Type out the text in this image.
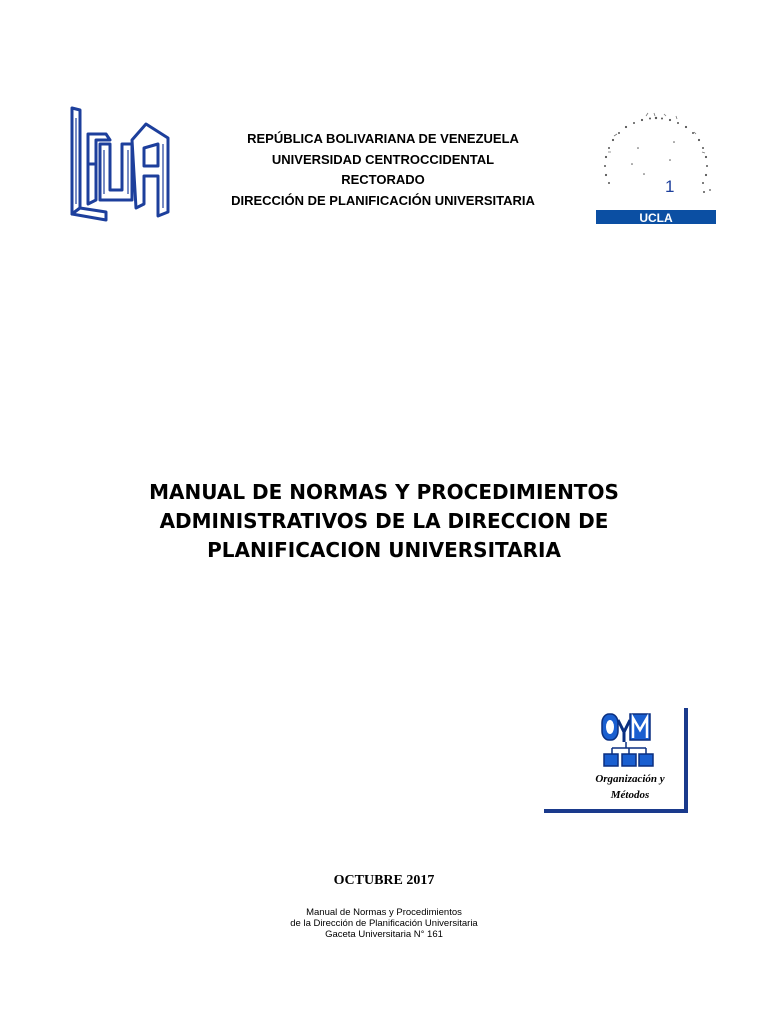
REPÚBLICA BOLIVARIANA DE VENEZUELA
UNIVERSIDAD CENTROCCIDENTAL
RECTORADO
DIRECCIÓN DE PLANIFICACIÓN UNIVERSITARIA
1
UCLA
MANUAL DE NORMAS Y PROCEDIMIENTOS
ADMINISTRATIVOS DE LA DIRECCION DE
PLANIFICACION UNIVERSITARIA
Organización y
Métodos
OCTUBRE 2017
Manual de Normas y Procedimientos
de la Dirección de Planificación Universitaria
Gaceta Universitaria N° 161
